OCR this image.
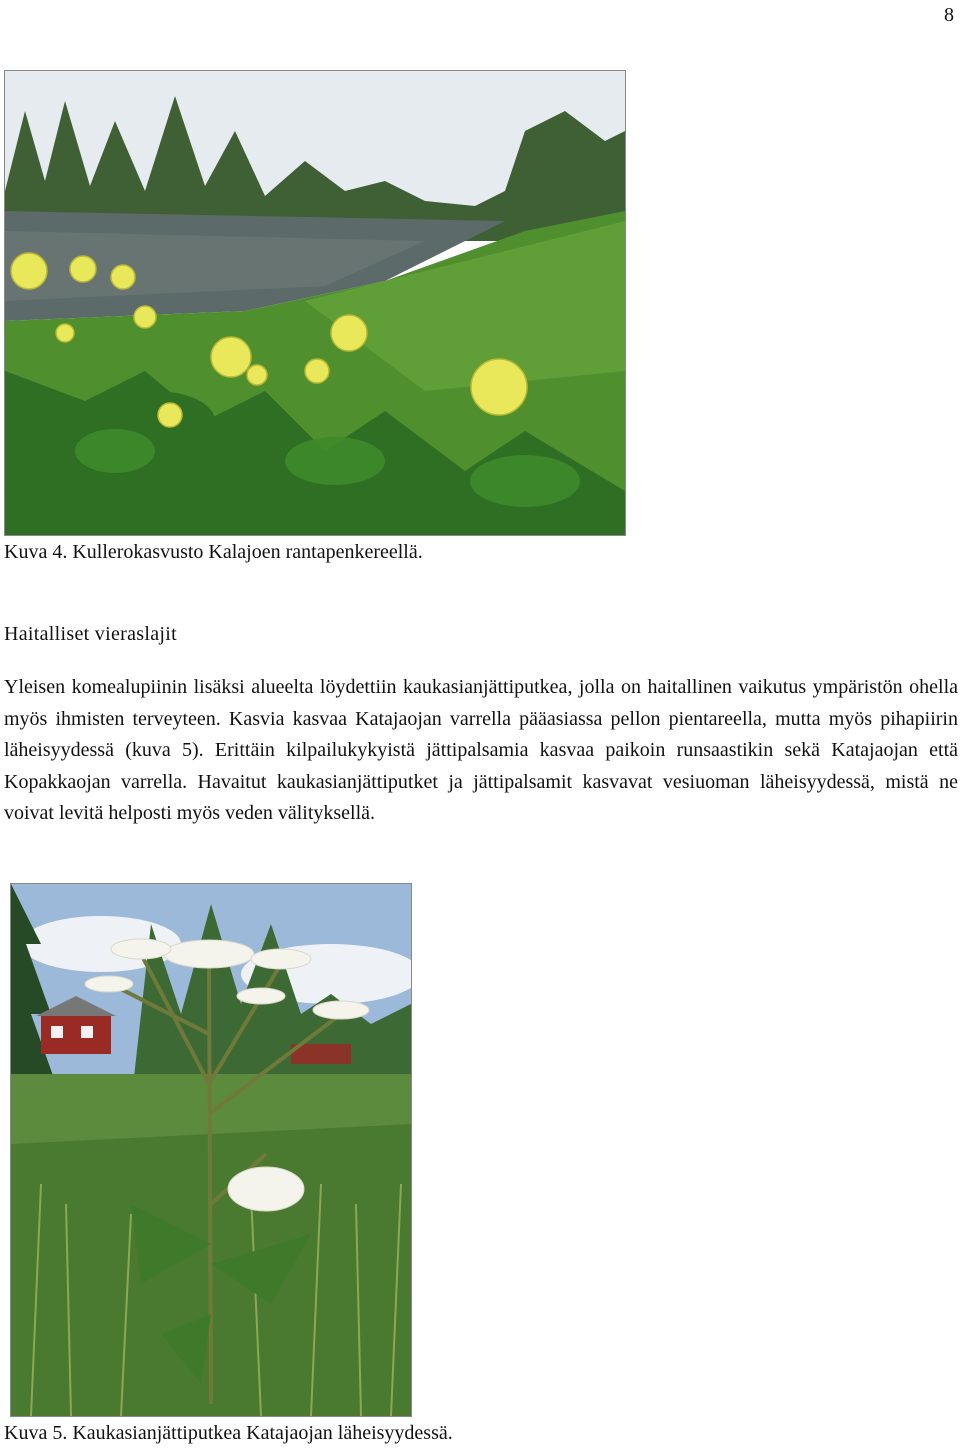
8
Kuva 4. Kullerokasvusto Kalajoen rantapenkereellä.
Haitalliset vieraslajit

Yleisen komealupiinin lisäksi alueelta löydettiin kaukasianjättiputkea, jolla on haitallinen vaikutus ympäristön ohella myös ihmisten terveyteen. Kasvia kasvaa Katajaojan varrella pääasiassa pellon pientareella, mutta myös pihapiirin läheisyydessä (kuva 5). Erittäin kilpailukykyistä jättipalsamia kasvaa paikoin runsaastikin sekä Katajaojan että Kopakkaojan varrella. Havaitut kaukasianjättiputket ja jättipalsamit kasvavat vesiuoman läheisyydessä, mistä ne voivat levitä helposti myös veden välityksellä.

Kuva 5. Kaukasianjättiputkea Katajaojan läheisyydessä.
